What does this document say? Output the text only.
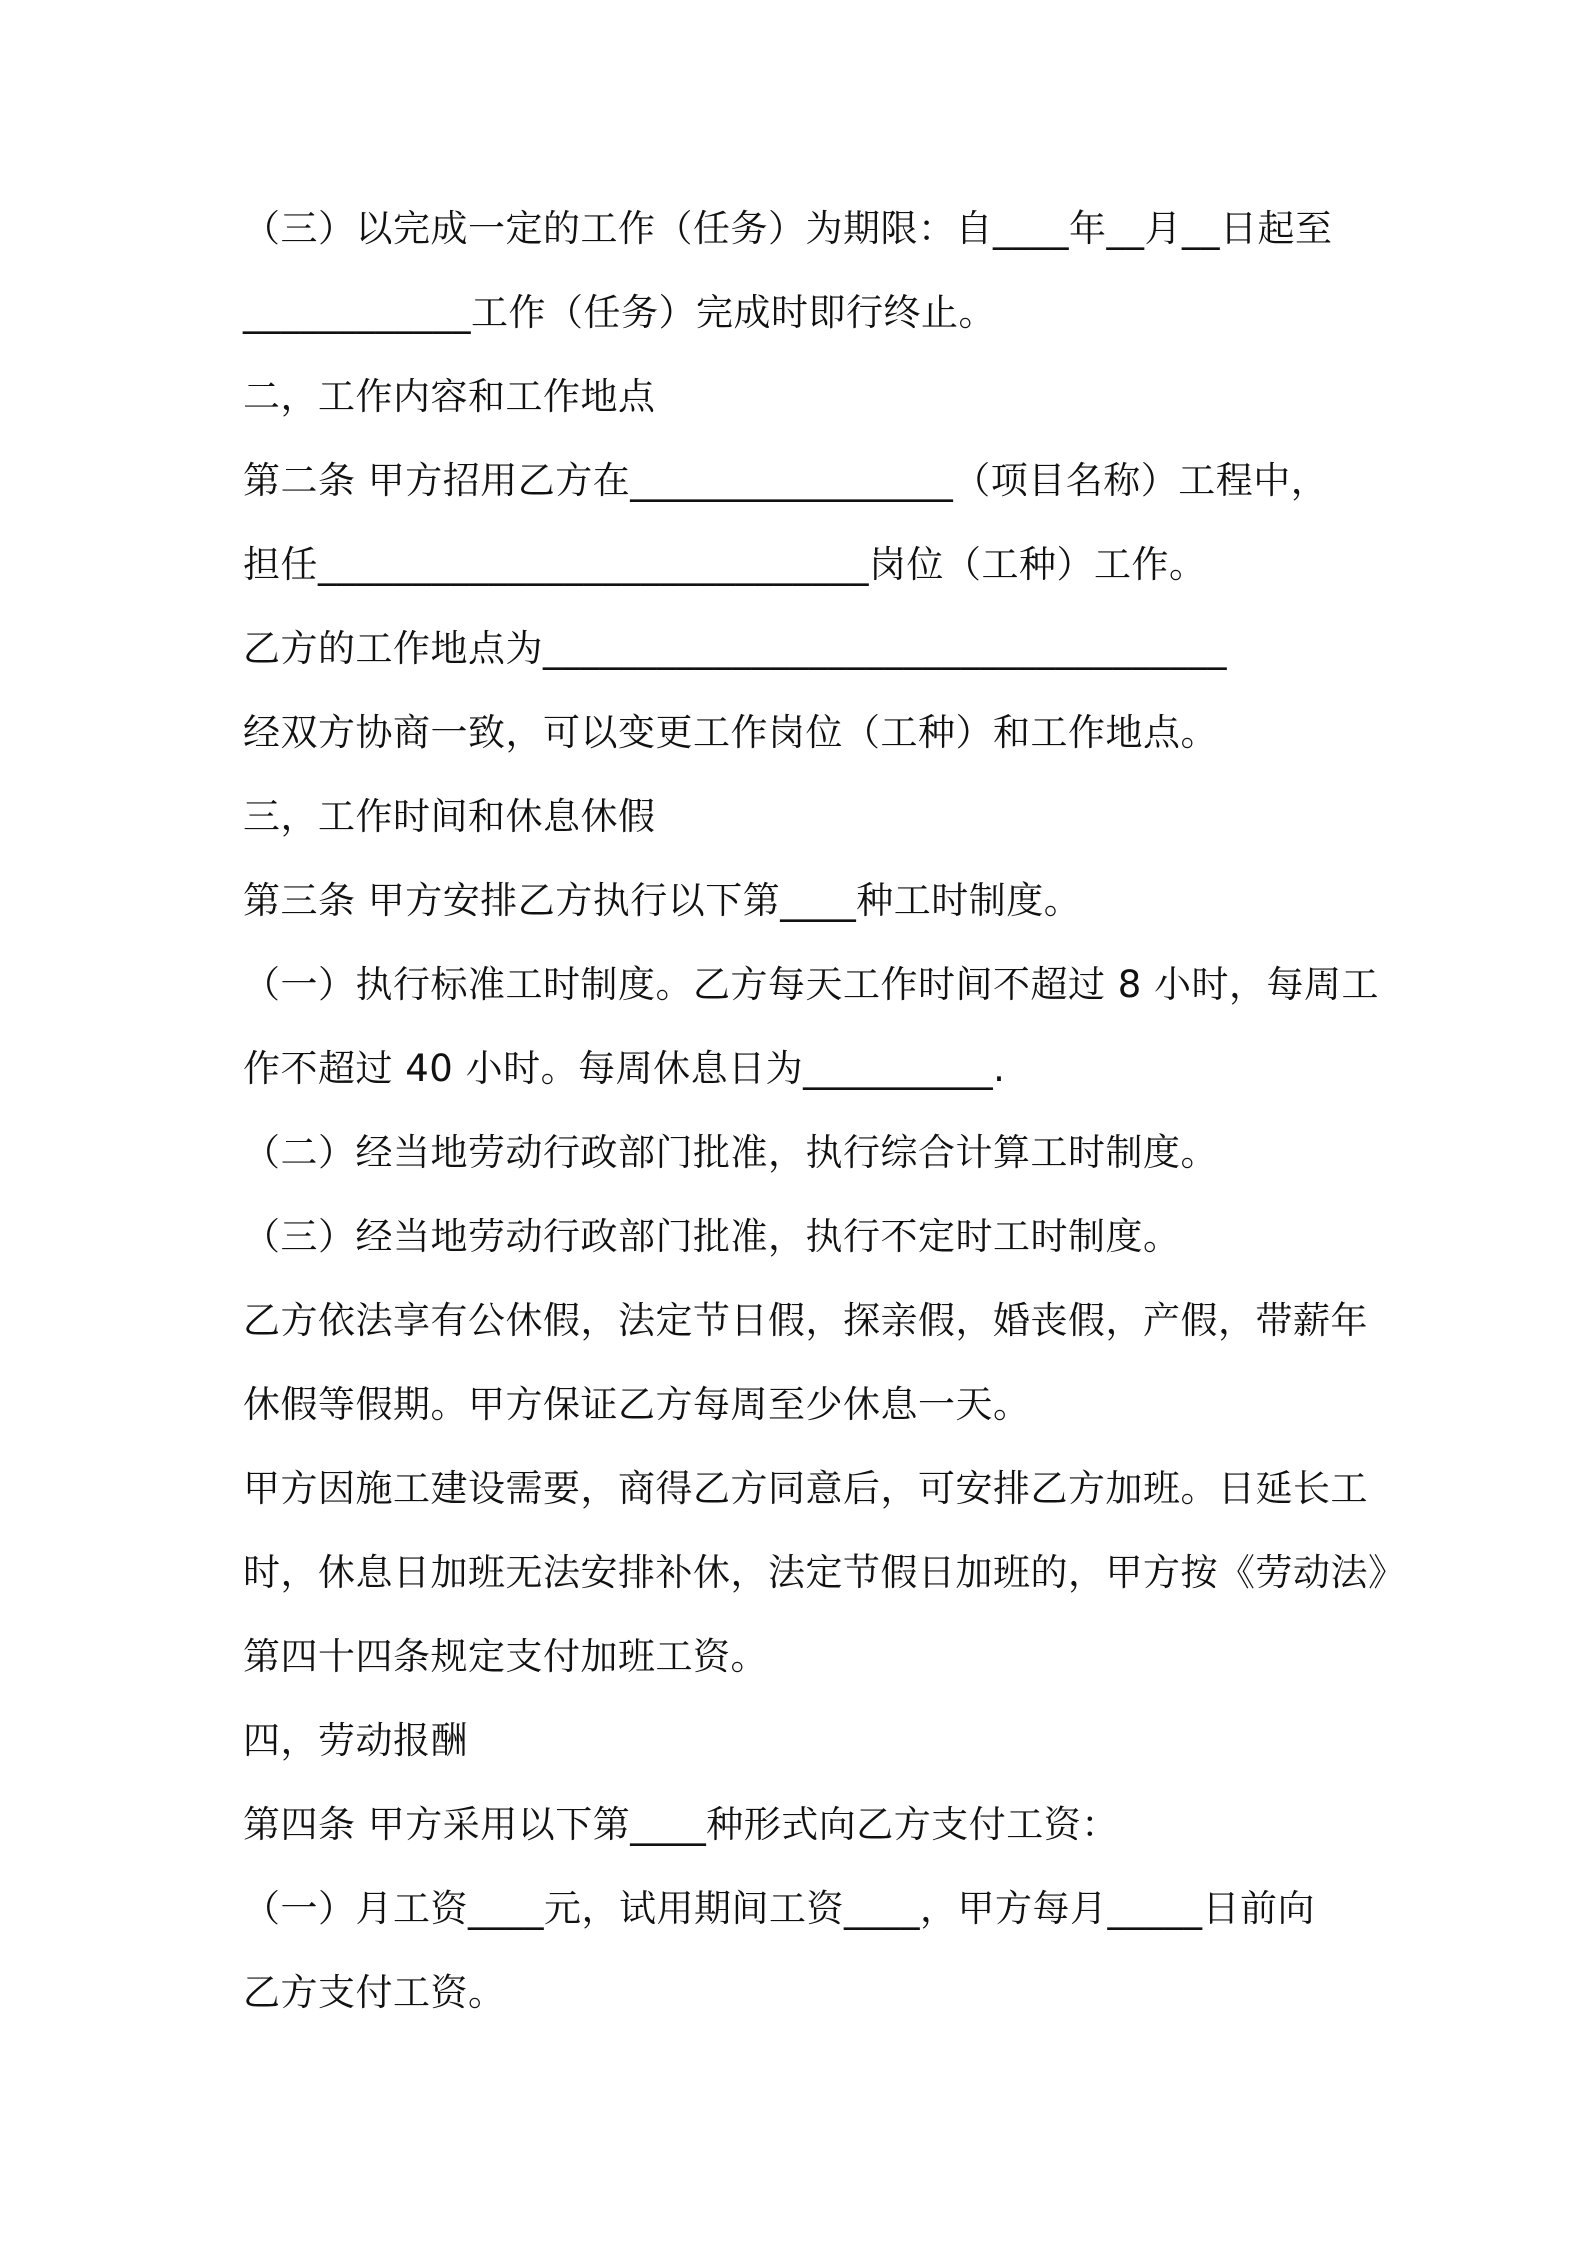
（三）以完成一定的工作（任务）为期限：自____年__月__日起至

____________工作（任务）完成时即行终止。

二，工作内容和工作地点

第二条 甲方招用乙方在_________________（项目名称）工程中，

担任_____________________________岗位（工种）工作。

乙方的工作地点为____________________________________

经双方协商一致，可以变更工作岗位（工种）和工作地点。

三，工作时间和休息休假

第三条 甲方安排乙方执行以下第____种工时制度。

（一）执行标准工时制度。乙方每天工作时间不超过 8 小时，每周工

作不超过 40 小时。每周休息日为__________.

（二）经当地劳动行政部门批准，执行综合计算工时制度。

（三）经当地劳动行政部门批准，执行不定时工时制度。

乙方依法享有公休假，法定节日假，探亲假，婚丧假，产假，带薪年

休假等假期。甲方保证乙方每周至少休息一天。

甲方因施工建设需要，商得乙方同意后，可安排乙方加班。日延长工

时，休息日加班无法安排补休，法定节假日加班的，甲方按《劳动法》

第四十四条规定支付加班工资。

四，劳动报酬

第四条 甲方采用以下第____种形式向乙方支付工资：

（一）月工资____元，试用期间工资____，甲方每月_____日前向

乙方支付工资。
